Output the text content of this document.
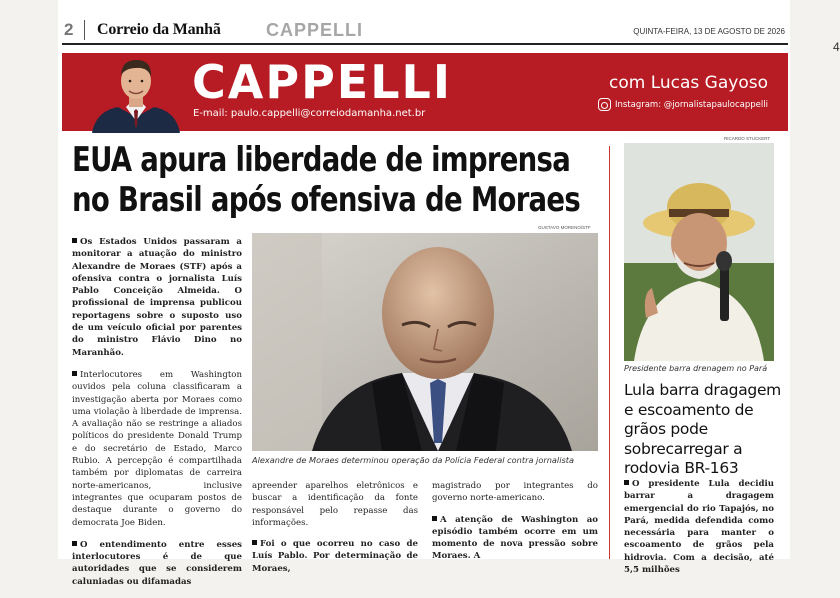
4
2 Correio da Manhã	CAPPELLI	QUINTA-FEIRA, 13 DE AGOSTO DE 2026
CAPPELLI
E-mail: paulo.cappelli@correiodamanha.net.br
com Lucas Gayoso
Instagram: @jornalistapaulocappelli
EUA apura liberdade de imprensa
no Brasil após ofensiva de Moraes
GUSTAVO MORENO/STF

Os Estados Unidos passaram a monitorar a atuação do ministro Alexandre de Moraes (STF) após a ofensiva contra o jornalista Luís Pablo Conceição Almeida. O profissional de imprensa publicou reportagens sobre o suposto uso de um veículo oficial por parentes do ministro Flávio Dino no Maranhão.

Interlocutores em Washington ouvidos pela coluna classificaram a investigação aberta por Moraes como uma violação à liberdade de imprensa. A avaliação não se restringe a aliados políticos do presidente Donald Trump e do secretário de Estado, Marco Rubio. A percepção é compartilhada também por diplomatas de carreira norte-americanos, inclusive integrantes que ocuparam postos de destaque durante o governo do democrata Joe Biden.

O entendimento entre esses interlocutores é de que autoridades que se considerem caluniadas ou difamadas

Alexandre de Moraes determinou operação da Polícia Federal contra jornalista

apreender aparelhos eletrônicos e buscar a identificação da fonte responsável pelo repasse das informações.

Foi o que ocorreu no caso de Luís Pablo. Por determinação de Moraes,

magistrado por integrantes do governo norte-americano.

A atenção de Washington ao episódio também ocorre em um momento de nova pressão sobre Moraes. A

RICARDO STUCKERT
Presidente barra drenagem no Pará
Lula barra dragagem e escoamento de grãos pode sobrecarregar a rodovia BR-163
O presidente Lula decidiu barrar a dragagem emergencial do rio Tapajós, no Pará, medida defendida como necessária para manter o escoamento de grãos pela hidrovia. Com a decisão, até 5,5 milhões
